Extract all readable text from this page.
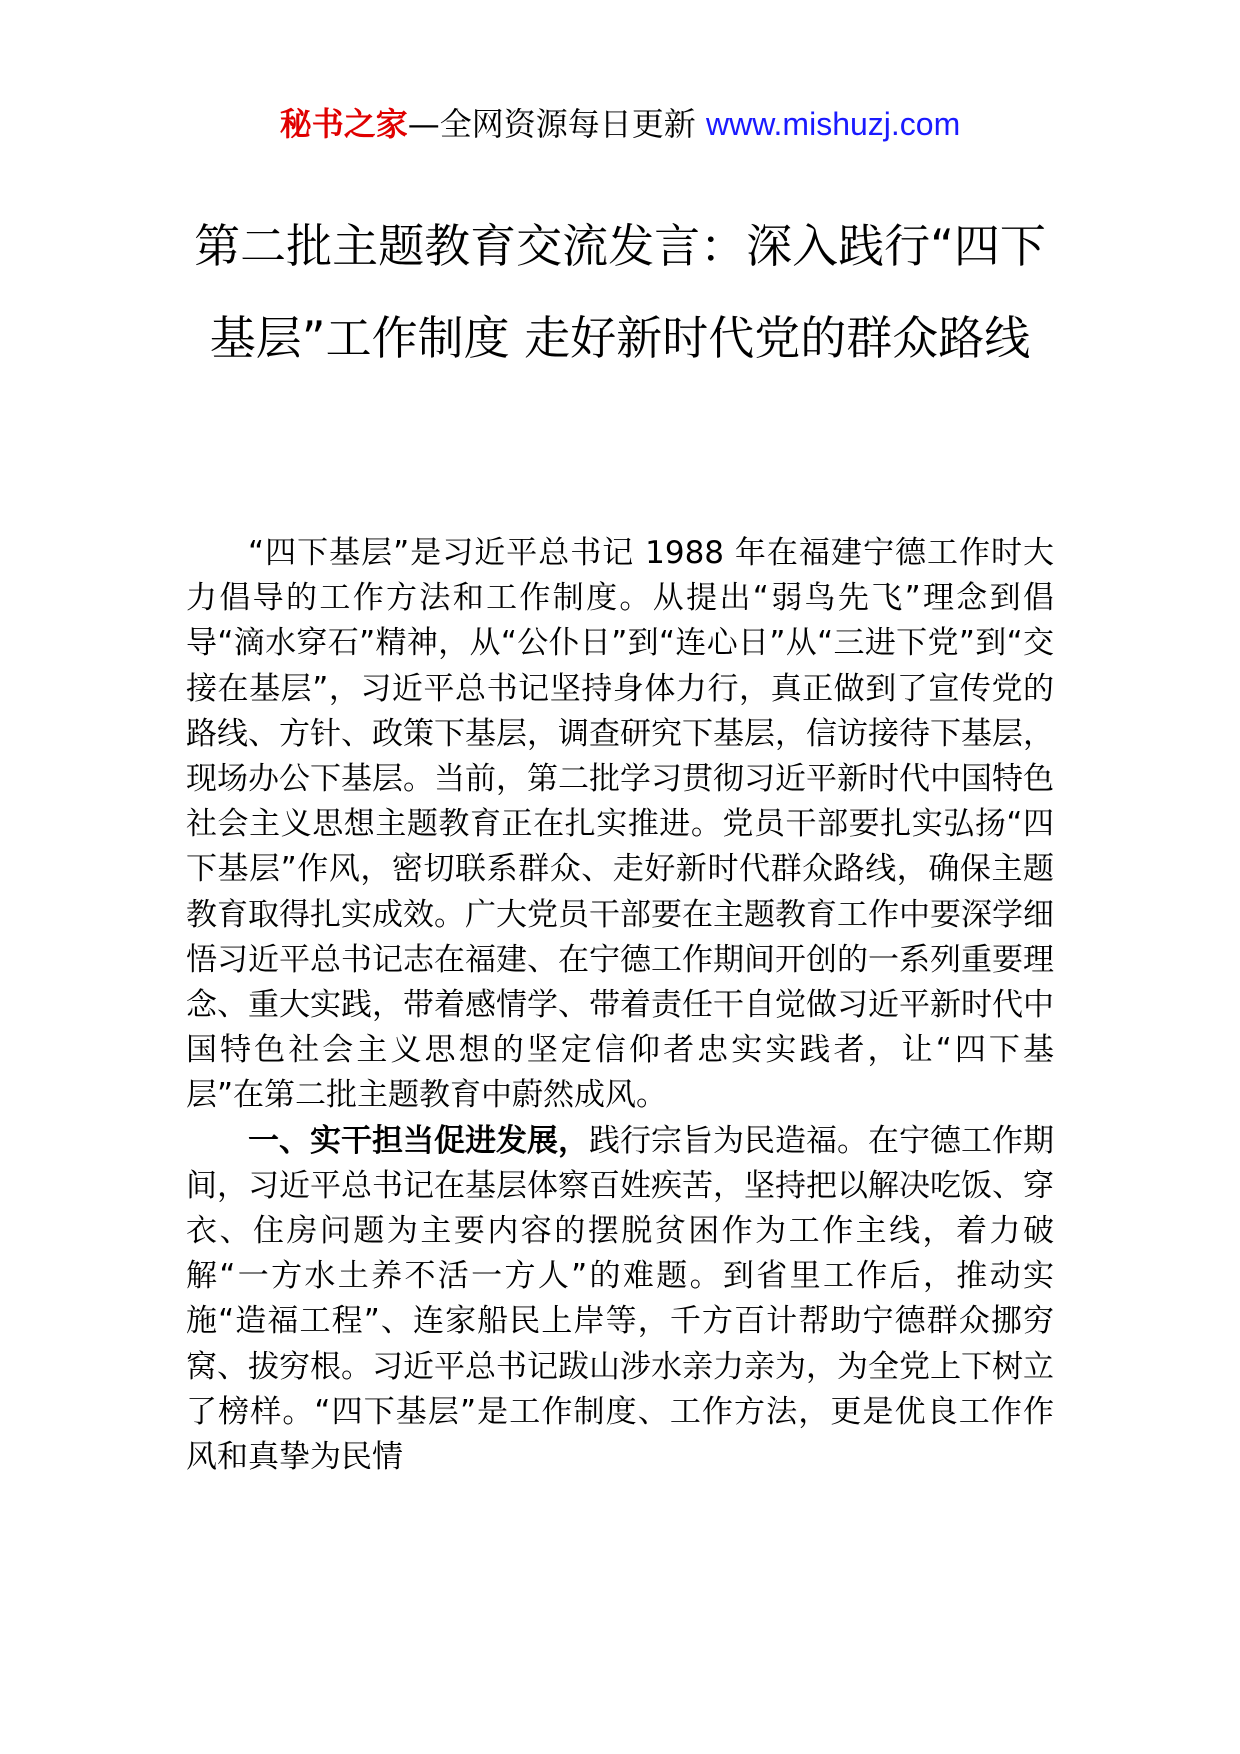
秘书之家—全网资源每日更新 www.mishuzj.com
第二批主题教育交流发言：深入践行“四下基层”工作制度 走好新时代党的群众路线

“四下基层”是习近平总书记 1988 年在福建宁德工作时大力倡导的工作方法和工作制度。从提出“弱鸟先飞”理念到倡导“滴水穿石”精神，从“公仆日”到“连心日”从“三进下党”到“交接在基层”，习近平总书记坚持身体力行，真正做到了宣传党的路线、方针、政策下基层，调查研究下基层，信访接待下基层，现场办公下基层。当前，第二批学习贯彻习近平新时代中国特色社会主义思想主题教育正在扎实推进。党员干部要扎实弘扬“四下基层”作风，密切联系群众、走好新时代群众路线，确保主题教育取得扎实成效。广大党员干部要在主题教育工作中要深学细悟习近平总书记志在福建、在宁德工作期间开创的一系列重要理念、重大实践，带着感情学、带着责任干自觉做习近平新时代中国特色社会主义思想的坚定信仰者忠实实践者，让“四下基层”在第二批主题教育中蔚然成风。

一、实干担当促进发展，践行宗旨为民造福。在宁德工作期间，习近平总书记在基层体察百姓疾苦，坚持把以解决吃饭、穿衣、住房问题为主要内容的摆脱贫困作为工作主线，着力破解“一方水土养不活一方人”的难题。到省里工作后，推动实施“造福工程”、连家船民上岸等，千方百计帮助宁德群众挪穷窝、拔穷根。习近平总书记跋山涉水亲力亲为，为全党上下树立了榜样。“四下基层”是工作制度、工作方法，更是优良工作作风和真挚为民情
